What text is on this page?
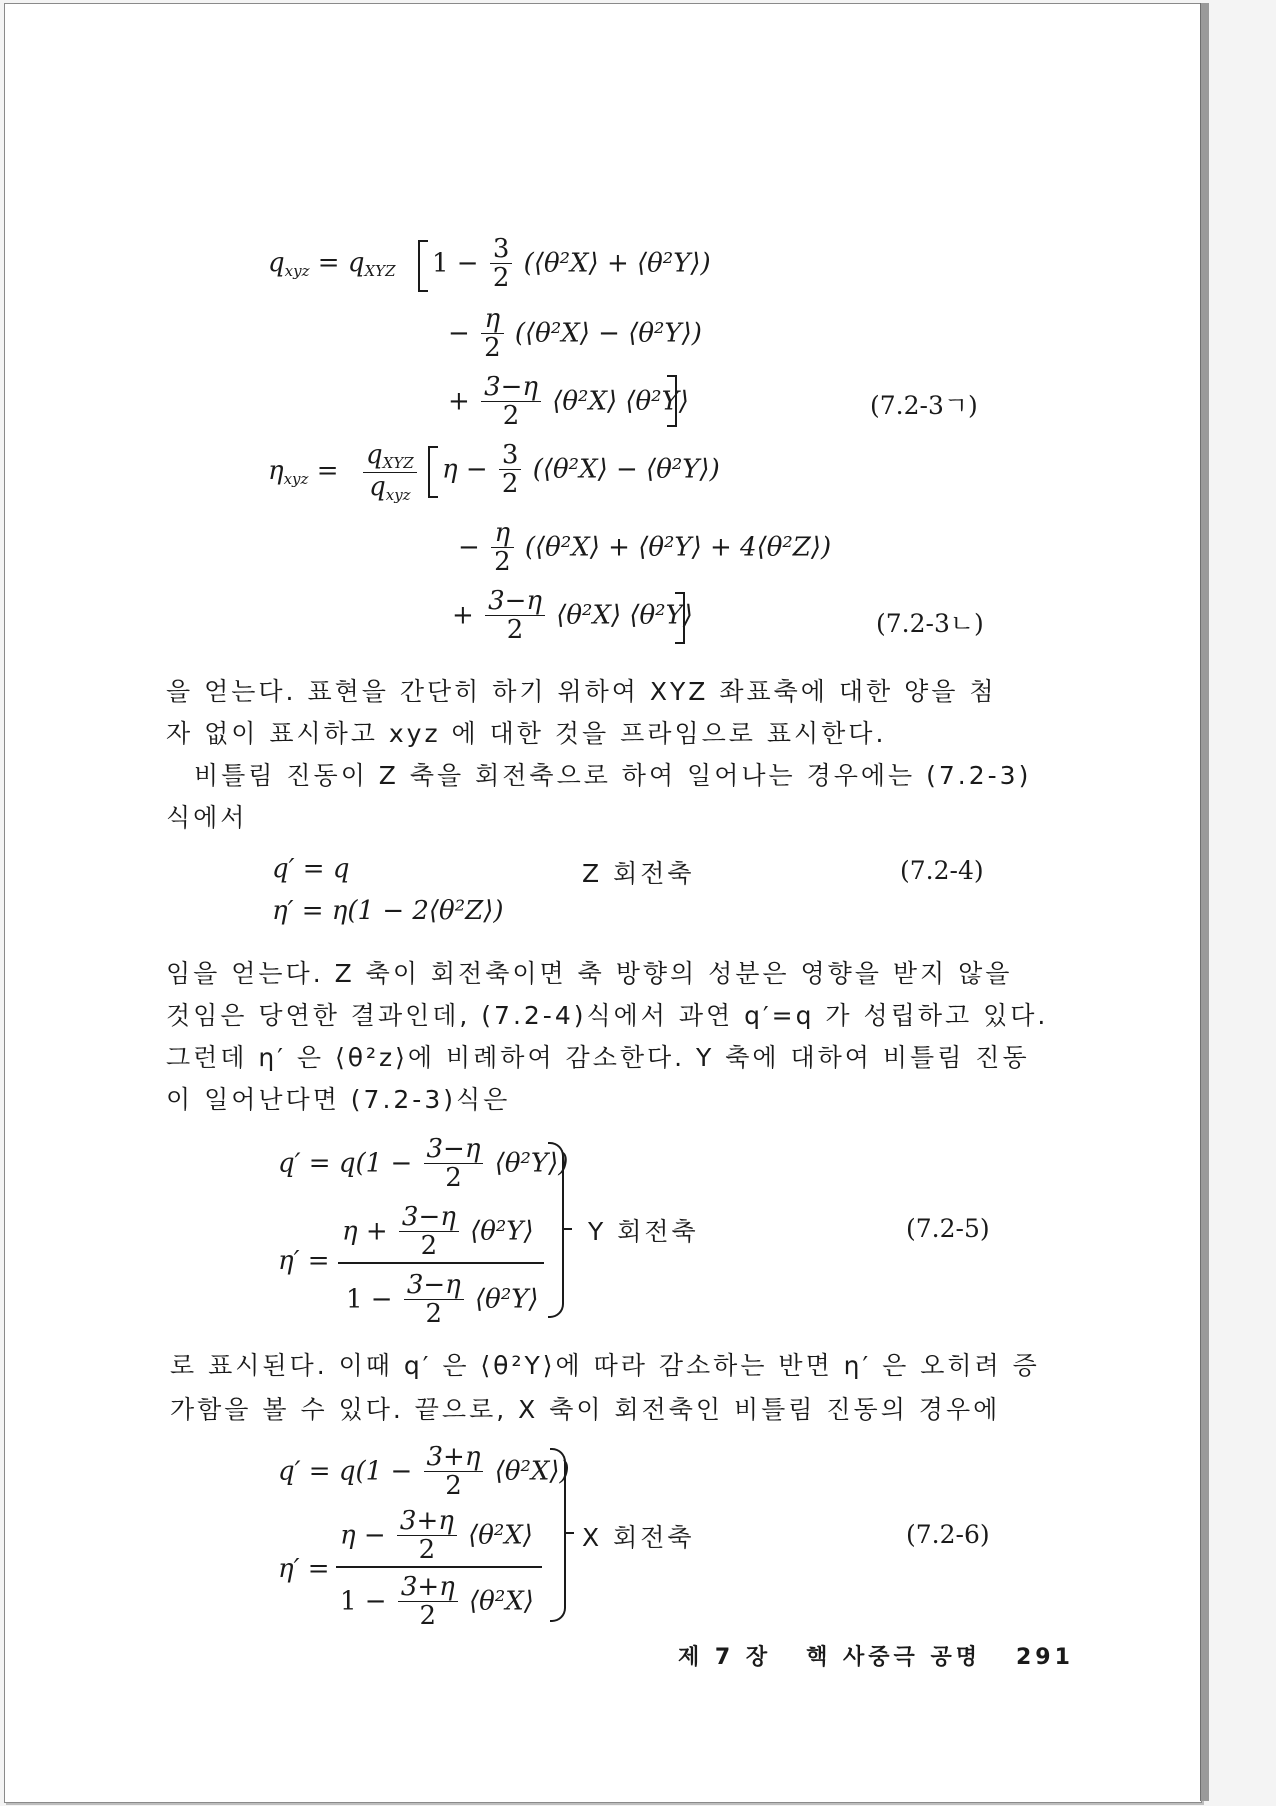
$q_{xyz} = q_{XYZ}$ $1 - \frac{3}{2}$ (⟨θ²X⟩ + ⟨θ²Y⟩)
− $\frac{\eta}{2}$ (⟨θ²X⟩ − ⟨θ²Y⟩)
+ $\frac{3-\eta}{2}$ ⟨θ²X⟩ ⟨θ²Y⟩	(7.2-3ㄱ)
$\eta_{xyz} = \frac{q_{XYZ}}{q_{xyz}}$ $\eta - \frac{3}{2}$ (⟨θ²X⟩ − ⟨θ²Y⟩)
− $\frac{\eta}{2}$ (⟨θ²X⟩ + ⟨θ²Y⟩ + 4⟨θ²Z⟩)
+ $\frac{3-\eta}{2}$ ⟨θ²X⟩ ⟨θ²Y⟩	(7.2-3ㄴ)
을 얻는다. 표현을 간단히 하기 위하여 XYZ 좌표축에 대한 양을 첨
자 없이 표시하고 xyz 에 대한 것을 프라임으로 표시한다.
비틀림 진동이 Z 축을 회전축으로 하여 일어나는 경우에는 (7.2-3)
식에서
q′ = q	Z 회전축	(7.2-4)
η′ = η(1 − 2⟨θ²Z⟩)
임을 얻는다. Z 축이 회전축이면 축 방향의 성분은 영향을 받지 않을
것임은 당연한 결과인데, (7.2-4)식에서 과연 q′=q 가 성립하고 있다.
그런데 η′ 은 ⟨θ²z⟩에 비례하여 감소한다. Y 축에 대하여 비틀림 진동
이 일어난다면 (7.2-3)식은
$q' = q(1 - \frac{3-\eta}{2}$ ⟨θ²Y⟩)
η′ =
$\eta + \frac{3-\eta}{2}$ ⟨θ²Y⟩
$1 - \frac{3-\eta}{2}$ ⟨θ²Y⟩
Y 회전축	(7.2-5)
로 표시된다. 이때 q′ 은 ⟨θ²Y⟩에 따라 감소하는 반면 η′ 은 오히려 증
가함을 볼 수 있다. 끝으로, X 축이 회전축인 비틀림 진동의 경우에
$q' = q(1 - \frac{3+\eta}{2}$ ⟨θ²X⟩)
η′ =
$\eta - \frac{3+\eta}{2}$ ⟨θ²X⟩
$1 - \frac{3+\eta}{2}$ ⟨θ²X⟩
X 회전축	(7.2-6)
제 7 장 핵 사중극 공명 291
